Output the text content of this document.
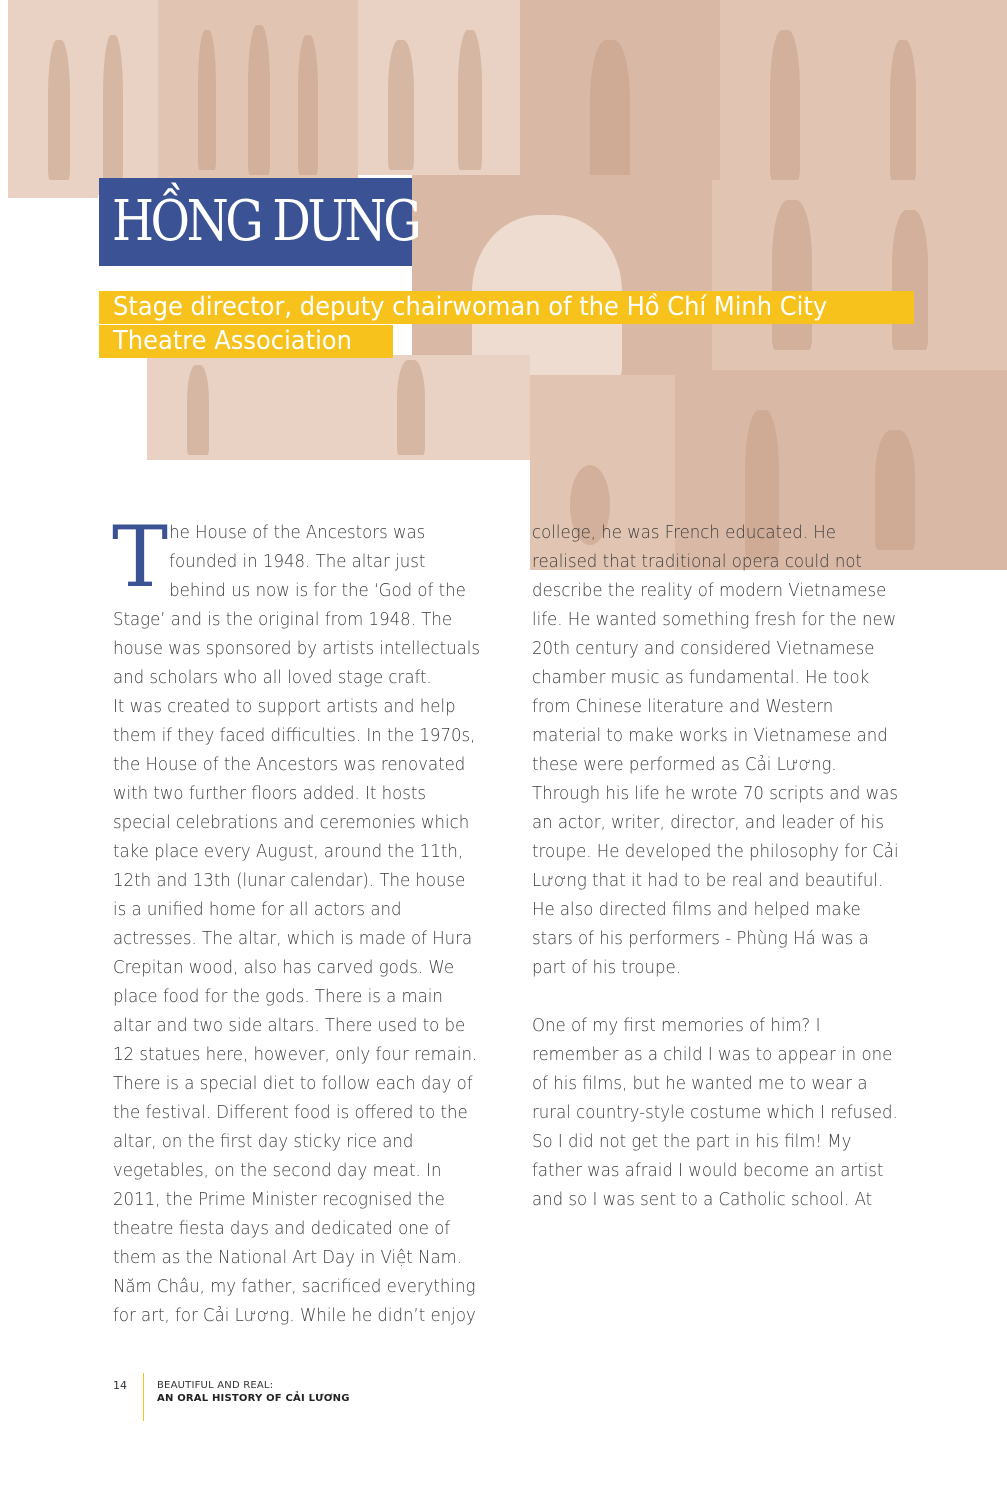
HỒNG DUNG
Stage director, deputy chairwoman of the Hồ Chí Minh City
Theatre Association
T he House of the Ancestors was
founded in 1948. The altar just
behind us now is for the ‘God of the
Stage’ and is the original from 1948. The
house was sponsored by artists intellectuals
and scholars who all loved stage craft.
It was created to support artists and help
them if they faced difficulties. In the 1970s,
the House of the Ancestors was renovated
with two further floors added. It hosts
special celebrations and ceremonies which
take place every August, around the 11th,
12th and 13th (lunar calendar). The house
is a unified home for all actors and
actresses. The altar, which is made of Hura
Crepitan wood, also has carved gods. We
place food for the gods. There is a main
altar and two side altars. There used to be
12 statues here, however, only four remain.
There is a special diet to follow each day of
the festival. Different food is offered to the
altar, on the first day sticky rice and
vegetables, on the second day meat. In
2011, the Prime Minister recognised the
theatre fiesta days and dedicated one of
them as the National Art Day in Việt Nam.
Năm Châu, my father, sacrificed everything
for art, for Cải Lương. While he didn’t enjoy
college, he was French educated. He
realised that traditional opera could not
describe the reality of modern Vietnamese
life. He wanted something fresh for the new
20th century and considered Vietnamese
chamber music as fundamental. He took
from Chinese literature and Western
material to make works in Vietnamese and
these were performed as Cải Lương.
Through his life he wrote 70 scripts and was
an actor, writer, director, and leader of his
troupe. He developed the philosophy for Cải
Lương that it had to be real and beautiful.
He also directed films and helped make
stars of his performers - Phùng Há was a
part of his troupe.
One of my first memories of him? I
remember as a child I was to appear in one
of his films, but he wanted me to wear a
rural country-style costume which I refused.
So I did not get the part in his film! My
father was afraid I would become an artist
and so I was sent to a Catholic school. At
14	BEAUTIFUL AND REAL:
AN ORAL HISTORY OF CẢI LƯƠNG
